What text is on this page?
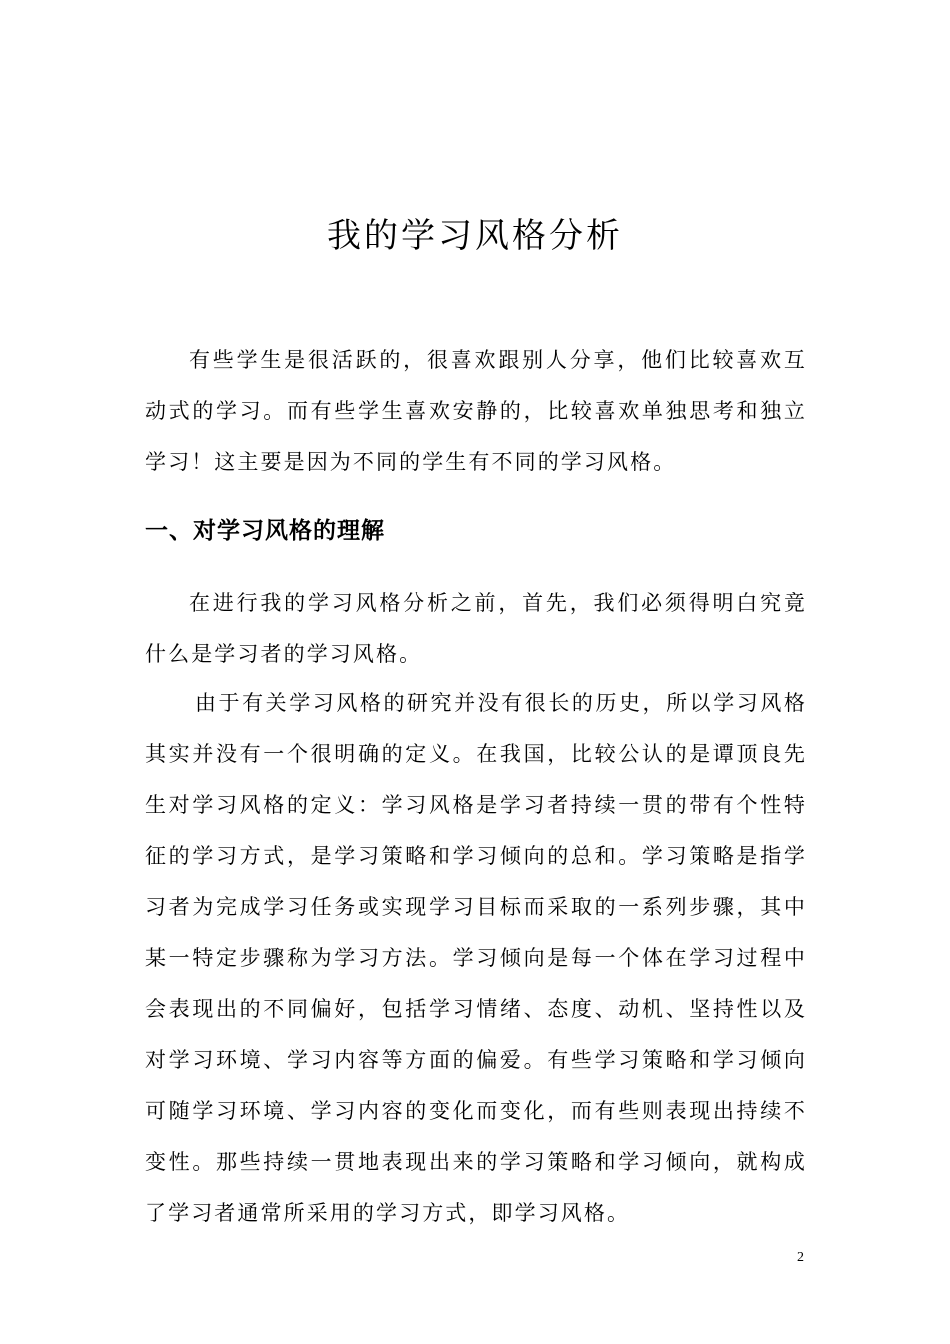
我的学习风格分析

有些学生是很活跃的，很喜欢跟别人分享，他们比较喜欢互动式的学习。而有些学生喜欢安静的，比较喜欢单独思考和独立学习！这主要是因为不同的学生有不同的学习风格。

一、对学习风格的理解

在进行我的学习风格分析之前，首先，我们必须得明白究竟什么是学习者的学习风格。

由于有关学习风格的研究并没有很长的历史，所以学习风格其实并没有一个很明确的定义。在我国，比较公认的是谭顶良先生对学习风格的定义：学习风格是学习者持续一贯的带有个性特征的学习方式，是学习策略和学习倾向的总和。学习策略是指学习者为完成学习任务或实现学习目标而采取的一系列步骤，其中某一特定步骤称为学习方法。学习倾向是每一个体在学习过程中会表现出的不同偏好，包括学习情绪、态度、动机、坚持性以及对学习环境、学习内容等方面的偏爱。有些学习策略和学习倾向可随学习环境、学习内容的变化而变化，而有些则表现出持续不变性。那些持续一贯地表现出来的学习策略和学习倾向，就构成了学习者通常所采用的学习方式，即学习风格。

2
